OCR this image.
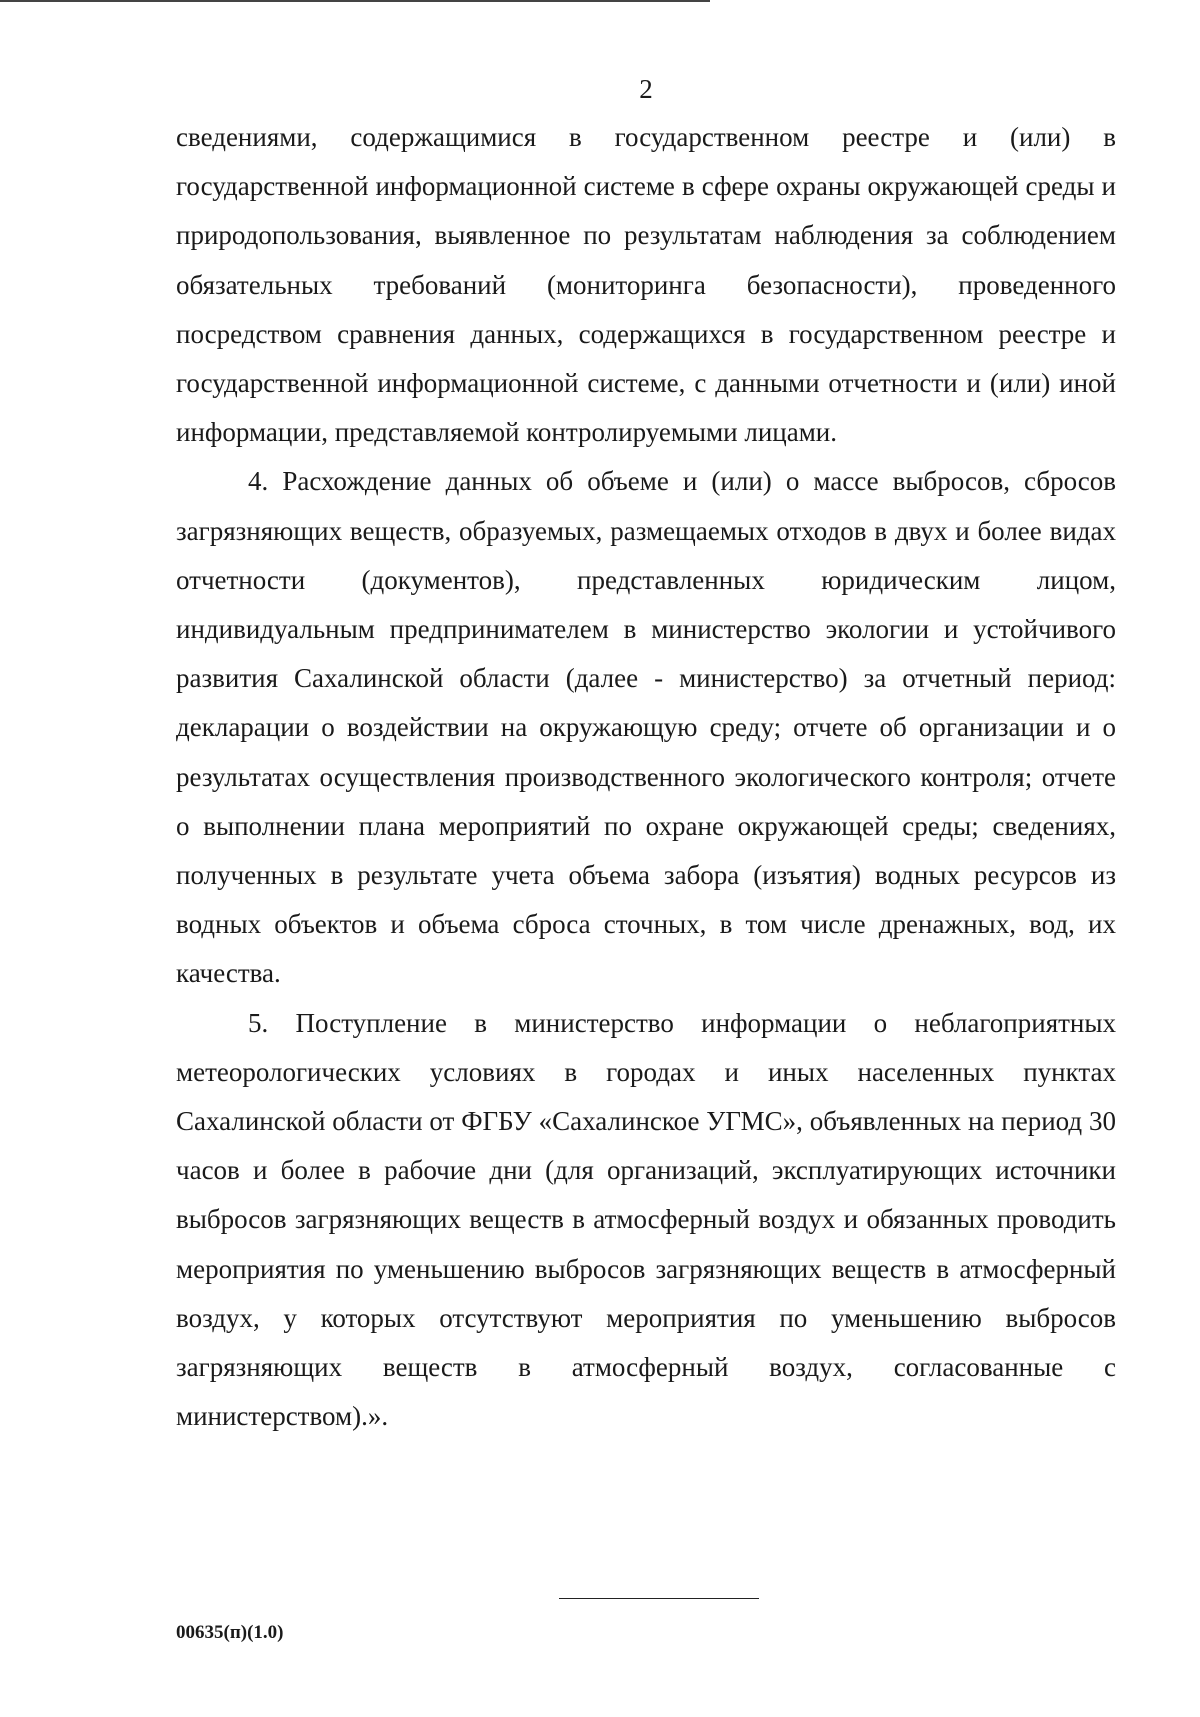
2

сведениями, содержащимися в государственном реестре и (или) в государственной информационной системе в сфере охраны окружающей среды и природопользования, выявленное по результатам наблюдения за соблюдением обязательных требований (мониторинга безопасности), проведенного посредством сравнения данных, содержащихся в государственном реестре и государственной информационной системе, с данными отчетности и (или) иной информации, представляемой контролируемыми лицами.

4. Расхождение данных об объеме и (или) о массе выбросов, сбросов загрязняющих веществ, образуемых, размещаемых отходов в двух и более видах отчетности (документов), представленных юридическим лицом, индивидуальным предпринимателем в министерство экологии и устойчивого развития Сахалинской области (далее - министерство) за отчетный период: декларации о воздействии на окружающую среду; отчете об организации и о результатах осуществления производственного экологического контроля; отчете о выполнении плана мероприятий по охране окружающей среды; сведениях, полученных в результате учета объема забора (изъятия) водных ресурсов из водных объектов и объема сброса сточных, в том числе дренажных, вод, их качества.

5. Поступление в министерство информации о неблагоприятных метеорологических условиях в городах и иных населенных пунктах Сахалинской области от ФГБУ «Сахалинское УГМС», объявленных на период 30 часов и более в рабочие дни (для организаций, эксплуатирующих источники выбросов загрязняющих веществ в атмосферный воздух и обязанных проводить мероприятия по уменьшению выбросов загрязняющих веществ в атмосферный воздух, у которых отсутствуют мероприятия по уменьшению выбросов загрязняющих веществ в атмосферный воздух, согласованные с министерством).».

00635(п)(1.0)
